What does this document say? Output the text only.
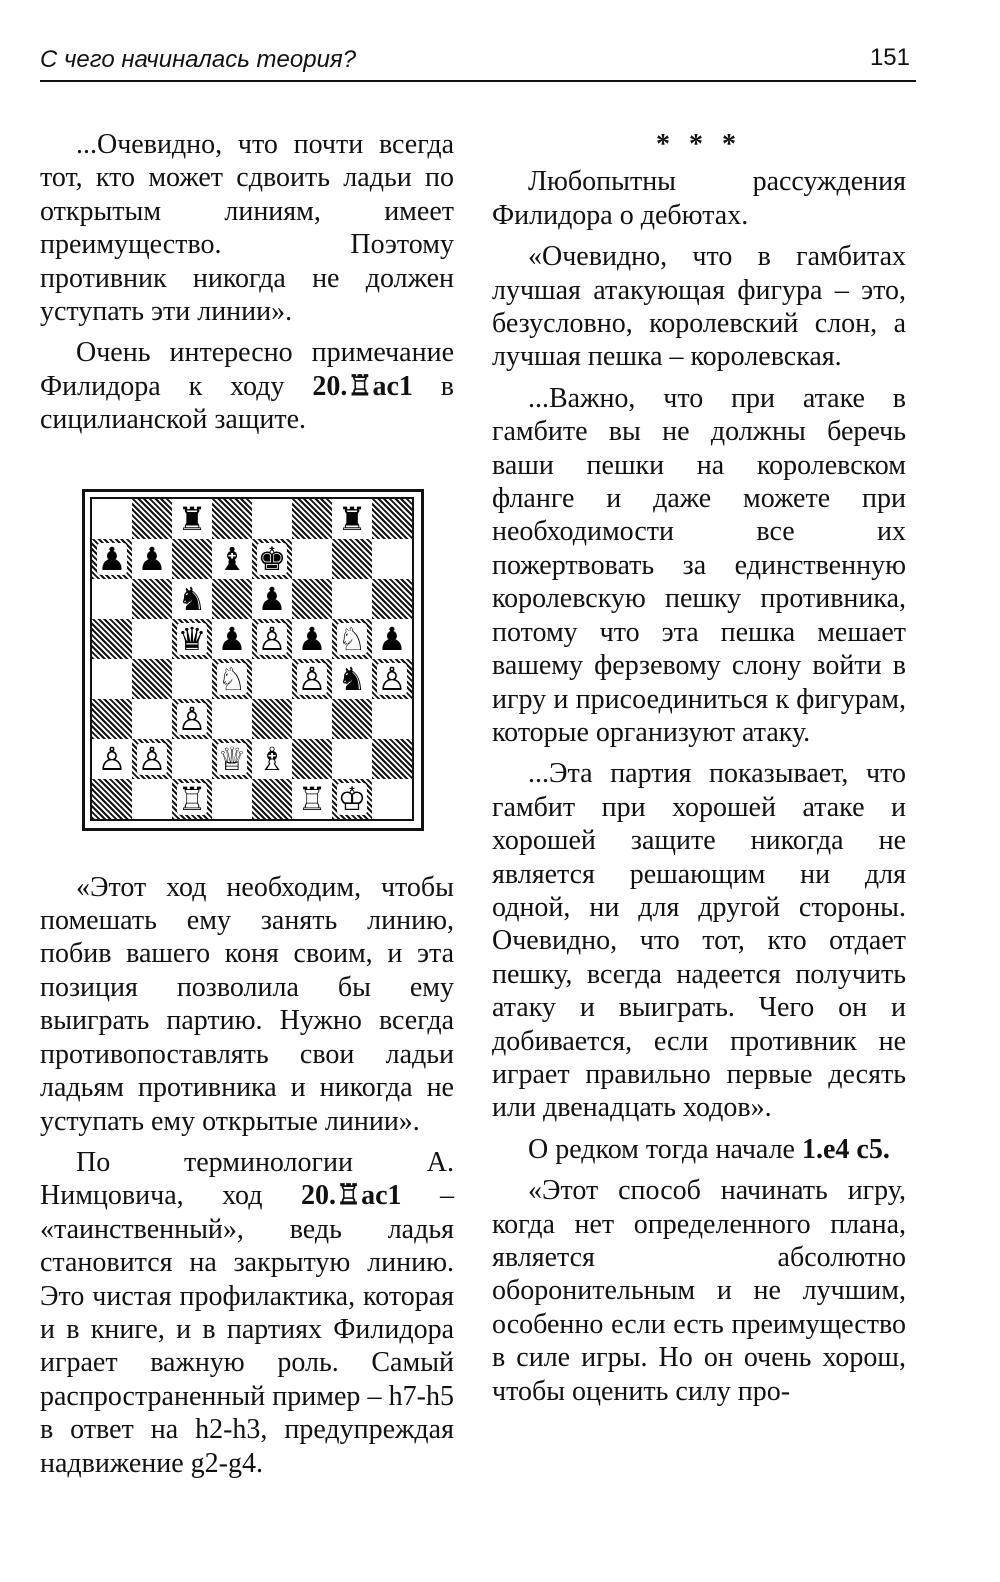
С чего начиналась теория?	151

...Очевидно, что почти всегда тот, кто может сдвоить ладьи по открытым линиям, имеет преимущество. Поэтому противник никогда не должен уступать эти линии».

Очень интересно примечание Филидора к ходу 20.♖ac1 в сицилианской защите.

♜	♜
♟ ♟ ♝ ♚
♞ ♟
♛ ♟ ♙ ♟ ♘ ♟
♘ ♙ ♞ ♙
♙
♙ ♙ ♕ ♗
♖	♖ ♔

«Этот ход необходим, чтобы помешать ему занять линию, побив вашего коня своим, и эта позиция позволила бы ему выиграть партию. Нужно всегда противопоставлять свои ладьи ладьям противника и никогда не уступать ему открытые линии».

По терминологии А. Нимцовича, ход 20.♖ac1 – «таинственный», ведь ладья становится на закрытую линию. Это чистая профилактика, которая и в книге, и в партиях Филидора играет важную роль. Самый распространенный пример – h7-h5 в ответ на h2-h3, предупреждая надвижение g2-g4.

* * *

Любопытны рассуждения Филидора о дебютах.

«Очевидно, что в гамбитах лучшая атакующая фигура – это, безусловно, королевский слон, а лучшая пешка – королевская.

...Важно, что при атаке в гамбите вы не должны беречь ваши пешки на королевском фланге и даже можете при необходимости все их пожертвовать за единственную королевскую пешку противника, потому что эта пешка мешает вашему ферзевому слону войти в игру и присоединиться к фигурам, которые организуют атаку.

...Эта партия показывает, что гамбит при хорошей атаке и хорошей защите никогда не является решающим ни для одной, ни для другой стороны. Очевидно, что тот, кто отдает пешку, всегда надеется получить атаку и выиграть. Чего он и добивается, если противник не играет правильно первые десять или двенадцать ходов».

О редком тогда начале 1.e4 c5.

«Этот способ начинать игру, когда нет определенного плана, является абсолютно оборонительным и не лучшим, особенно если есть преимущество в силе игры. Но он очень хорош, чтобы оценить силу про-
